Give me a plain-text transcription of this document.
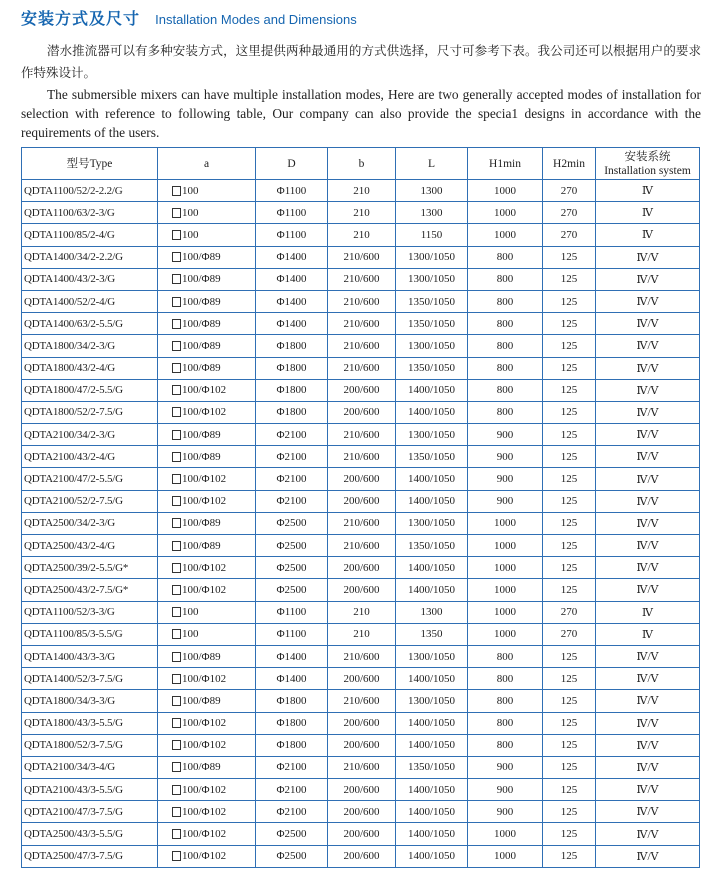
安装方式及尺寸 Installation Modes and Dimensions
潜水推流器可以有多种安装方式，这里提供两种最通用的方式供选择，尺寸可参考下表。我公司还可以根据用户的要求作特殊设计。
The submersible mixers can have multiple installation modes, Here are two generally accepted modes of installation for selection with reference to following table, Our company can also provide the specia1 designs in accordance with the requirements of the users.
型号Type	a	D	b	L	H1min	H2min	安装系统
Installation system
QDTA1100/52/2-2.2/G	100	Φ1100	210	1300	1000	270	Ⅳ
QDTA1100/63/2-3/G	100	Φ1100	210	1300	1000	270	Ⅳ
QDTA1100/85/2-4/G	100	Φ1100	210	1150	1000	270	Ⅳ
QDTA1400/34/2-2.2/G	100/Φ89	Φ1400	210/600	1300/1050	800	125	Ⅳ/Ⅴ
QDTA1400/43/2-3/G	100/Φ89	Φ1400	210/600	1300/1050	800	125	Ⅳ/Ⅴ
QDTA1400/52/2-4/G	100/Φ89	Φ1400	210/600	1350/1050	800	125	Ⅳ/Ⅴ
QDTA1400/63/2-5.5/G	100/Φ89	Φ1400	210/600	1350/1050	800	125	Ⅳ/Ⅴ
QDTA1800/34/2-3/G	100/Φ89	Φ1800	210/600	1300/1050	800	125	Ⅳ/Ⅴ
QDTA1800/43/2-4/G	100/Φ89	Φ1800	210/600	1350/1050	800	125	Ⅳ/Ⅴ
QDTA1800/47/2-5.5/G	100/Φ102	Φ1800	200/600	1400/1050	800	125	Ⅳ/Ⅴ
QDTA1800/52/2-7.5/G	100/Φ102	Φ1800	200/600	1400/1050	800	125	Ⅳ/Ⅴ
QDTA2100/34/2-3/G	100/Φ89	Φ2100	210/600	1300/1050	900	125	Ⅳ/Ⅴ
QDTA2100/43/2-4/G	100/Φ89	Φ2100	210/600	1350/1050	900	125	Ⅳ/Ⅴ
QDTA2100/47/2-5.5/G	100/Φ102	Φ2100	200/600	1400/1050	900	125	Ⅳ/Ⅴ
QDTA2100/52/2-7.5/G	100/Φ102	Φ2100	200/600	1400/1050	900	125	Ⅳ/Ⅴ
QDTA2500/34/2-3/G	100/Φ89	Φ2500	210/600	1300/1050	1000	125	Ⅳ/Ⅴ
QDTA2500/43/2-4/G	100/Φ89	Φ2500	210/600	1350/1050	1000	125	Ⅳ/Ⅴ
QDTA2500/39/2-5.5/G*	100/Φ102	Φ2500	200/600	1400/1050	1000	125	Ⅳ/Ⅴ
QDTA2500/43/2-7.5/G*	100/Φ102	Φ2500	200/600	1400/1050	1000	125	Ⅳ/Ⅴ
QDTA1100/52/3-3/G	100	Φ1100	210	1300	1000	270	Ⅳ
QDTA1100/85/3-5.5/G	100	Φ1100	210	1350	1000	270	Ⅳ
QDTA1400/43/3-3/G	100/Φ89	Φ1400	210/600	1300/1050	800	125	Ⅳ/Ⅴ
QDTA1400/52/3-7.5/G	100/Φ102	Φ1400	200/600	1400/1050	800	125	Ⅳ/Ⅴ
QDTA1800/34/3-3/G	100/Φ89	Φ1800	210/600	1300/1050	800	125	Ⅳ/Ⅴ
QDTA1800/43/3-5.5/G	100/Φ102	Φ1800	200/600	1400/1050	800	125	Ⅳ/Ⅴ
QDTA1800/52/3-7.5/G	100/Φ102	Φ1800	200/600	1400/1050	800	125	Ⅳ/Ⅴ
QDTA2100/34/3-4/G	100/Φ89	Φ2100	210/600	1350/1050	900	125	Ⅳ/Ⅴ
QDTA2100/43/3-5.5/G	100/Φ102	Φ2100	200/600	1400/1050	900	125	Ⅳ/Ⅴ
QDTA2100/47/3-7.5/G	100/Φ102	Φ2100	200/600	1400/1050	900	125	Ⅳ/Ⅴ
QDTA2500/43/3-5.5/G	100/Φ102	Φ2500	200/600	1400/1050	1000	125	Ⅳ/Ⅴ
QDTA2500/47/3-7.5/G	100/Φ102	Φ2500	200/600	1400/1050	1000	125	Ⅳ/Ⅴ
